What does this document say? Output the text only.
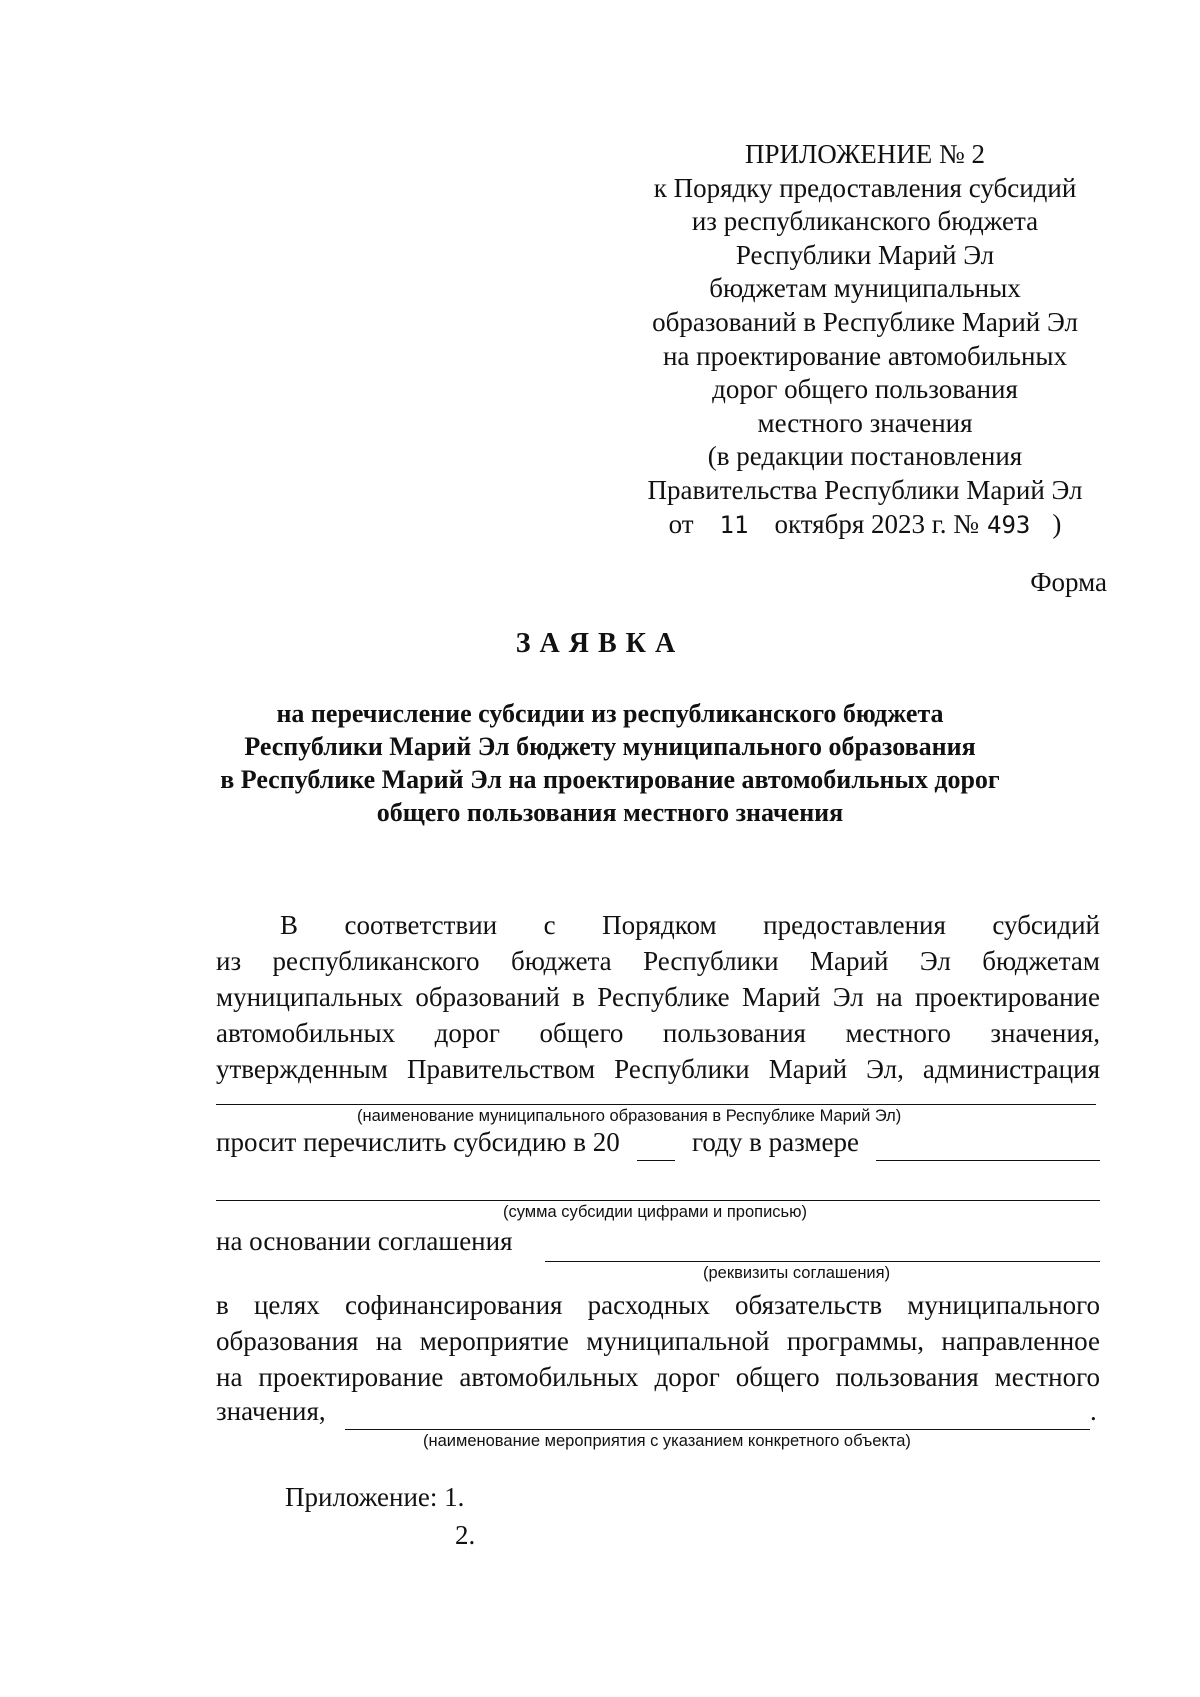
ПРИЛОЖЕНИЕ № 2
к Порядку предоставления субсидий
из республиканского бюджета
Республики Марий Эл
бюджетам муниципальных
образований в Республике Марий Эл
на проектирование автомобильных
дорог общего пользования
местного значения
(в редакции постановления
Правительства Республики Марий Эл
от 11 октября 2023 г. № 493 )
Форма
ЗАЯВКА
на перечисление субсидии из республиканского бюджета
Республики Марий Эл бюджету муниципального образования
в Республике Марий Эл на проектирование автомобильных дорог
общего пользования местного значения
В соответствии с Порядком предоставления субсидий
из республиканского бюджета Республики Марий Эл бюджетам
муниципальных образований в Республике Марий Эл на проектирование
автомобильных дорог общего пользования местного значения,
утвержденным Правительством Республики Марий Эл, администрация
(наименование муниципального образования в Республике Марий Эл)
просит перечислить субсидию в 20	году в размере
(сумма субсидии цифрами и прописью)
на основании соглашения
(реквизиты соглашения)
в целях софинансирования расходных обязательств муниципального
образования на мероприятие муниципальной программы, направленное
на проектирование автомобильных дорог общего пользования местного
значения,	.
(наименование мероприятия с указанием конкретного объекта)
Приложение: 1.
2.
